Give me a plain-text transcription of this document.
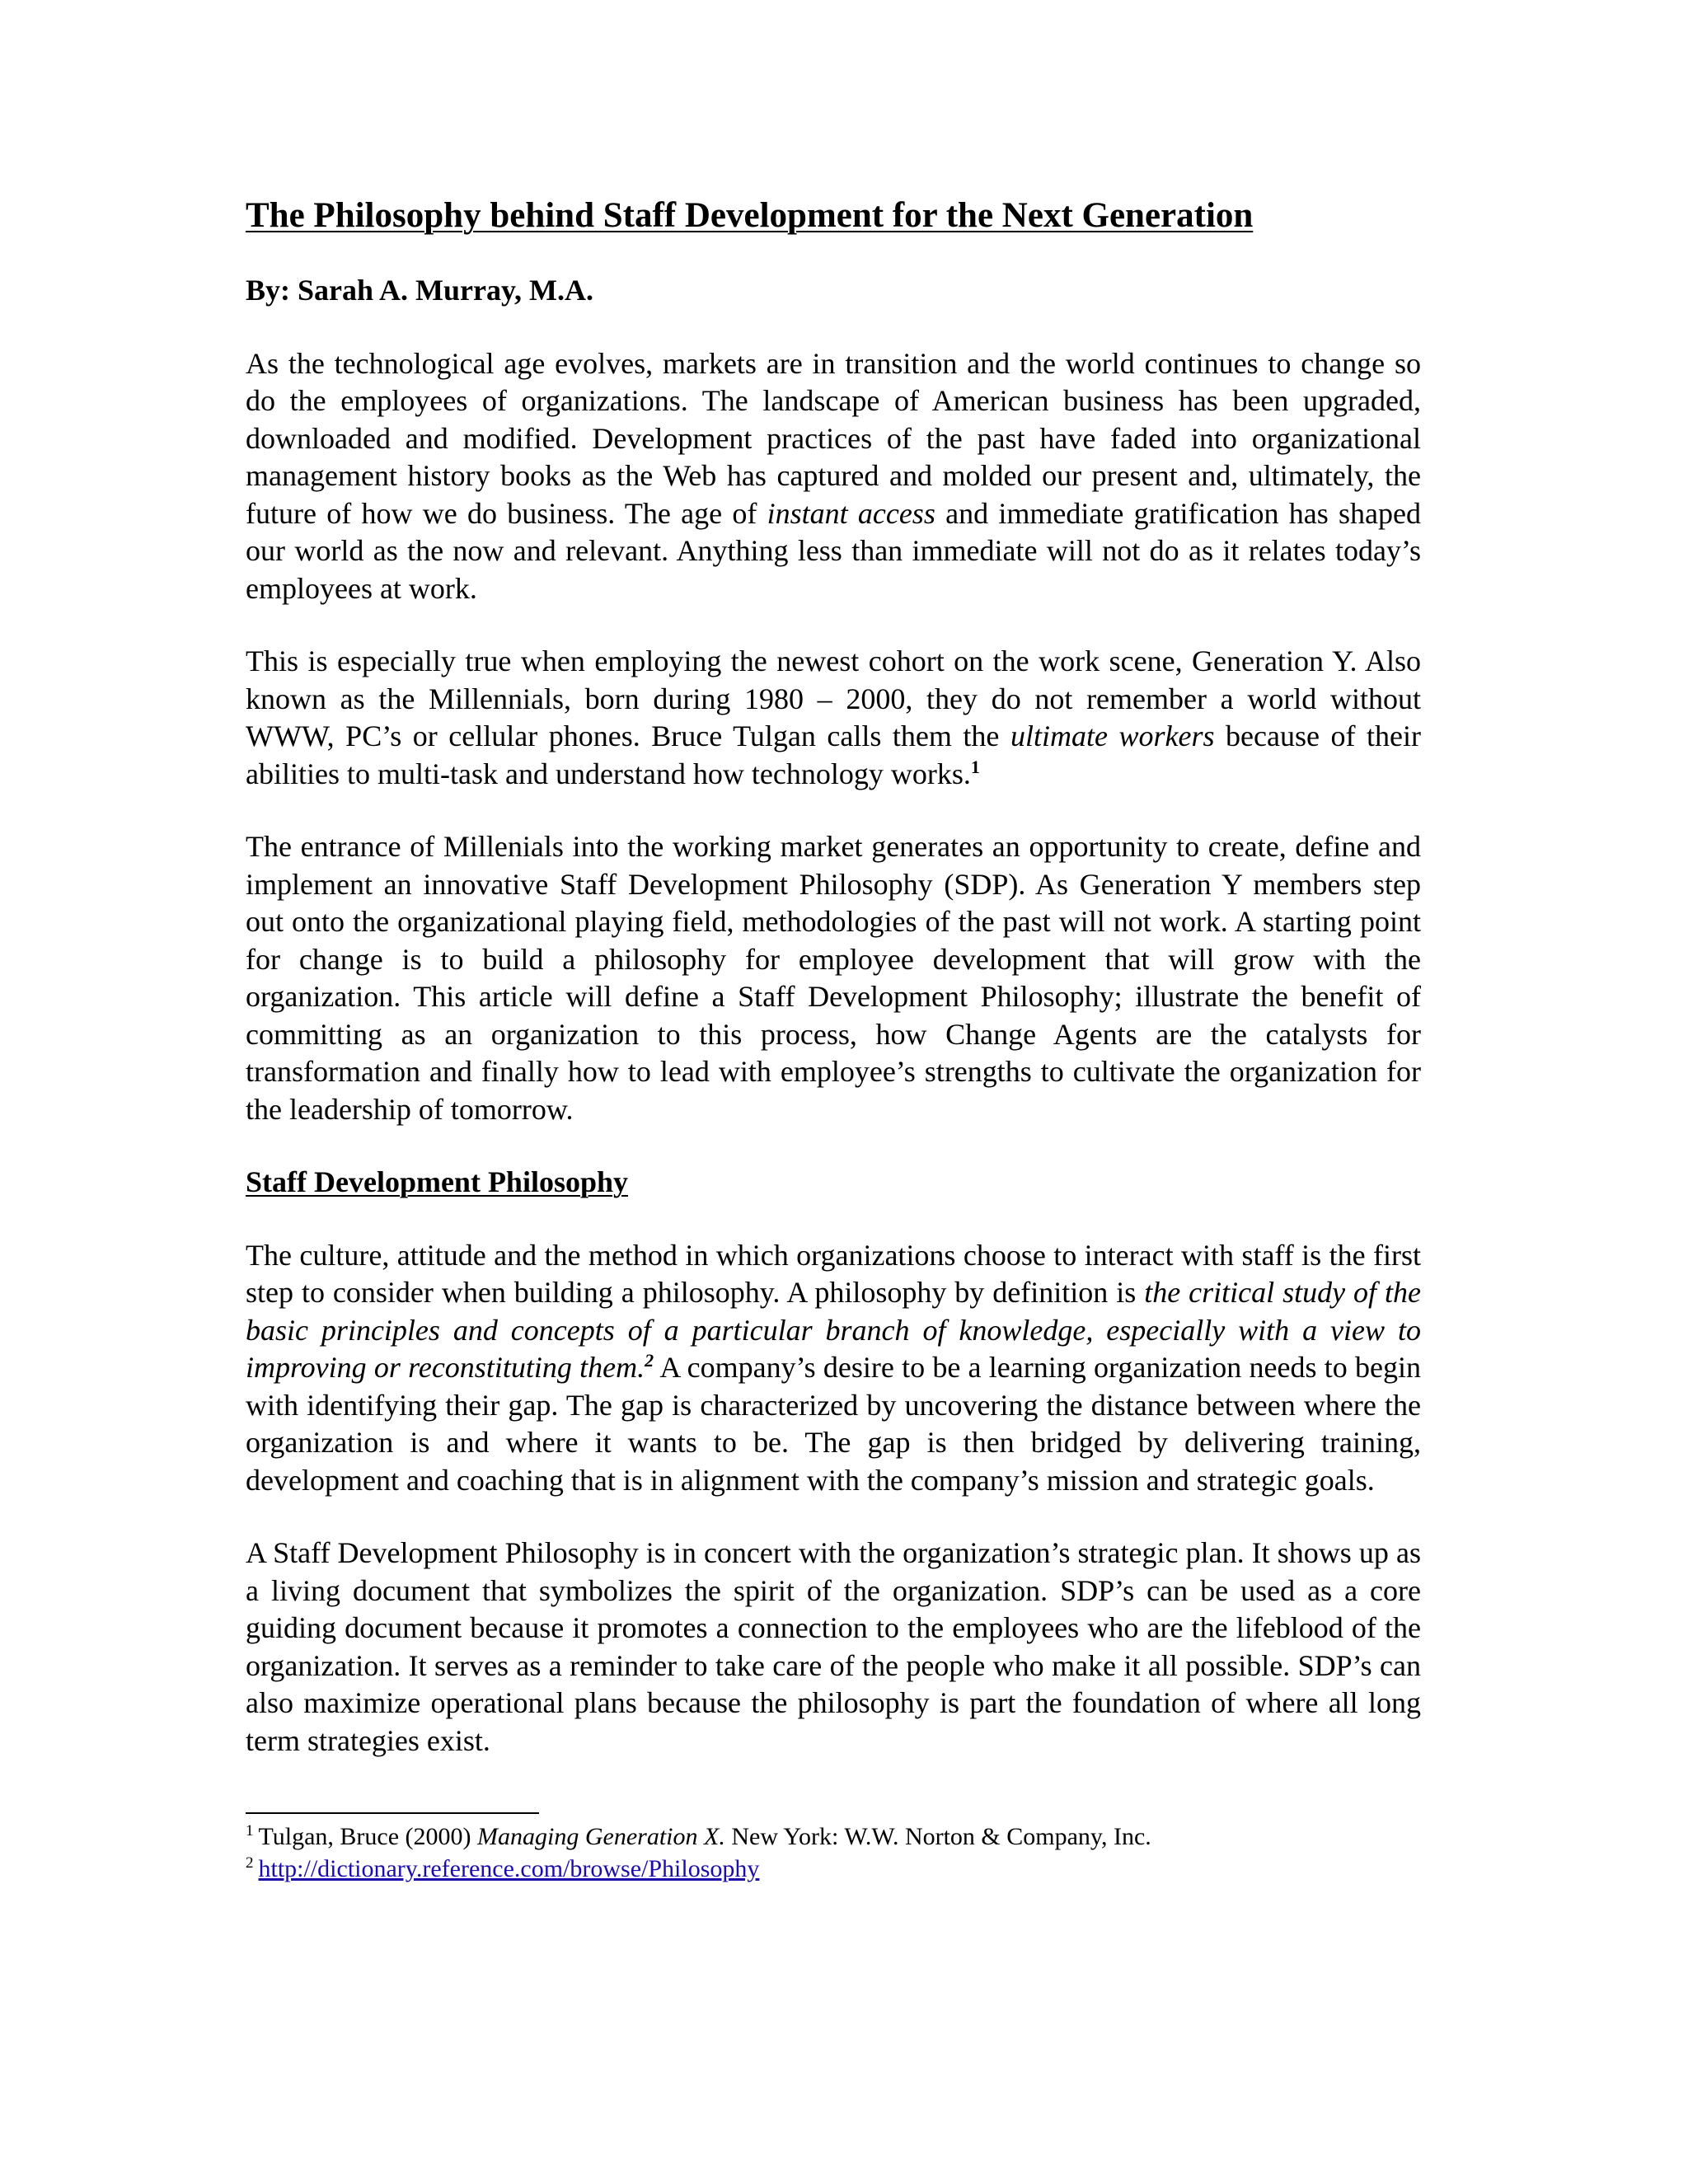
The Philosophy behind Staff Development for the Next Generation

By: Sarah A. Murray, M.A.

As the technological age evolves, markets are in transition and the world continues to change so do the employees of organizations. The landscape of American business has been upgraded, downloaded and modified. Development practices of the past have faded into organizational management history books as the Web has captured and molded our present and, ultimately, the future of how we do business. The age of instant access and immediate gratification has shaped our world as the now and relevant. Anything less than immediate will not do as it relates today’s employees at work.

This is especially true when employing the newest cohort on the work scene, Generation Y. Also known as the Millennials, born during 1980 – 2000, they do not remember a world without WWW, PC’s or cellular phones. Bruce Tulgan calls them the ultimate workers because of their abilities to multi-task and understand how technology works.$^1$

The entrance of Millenials into the working market generates an opportunity to create, define and implement an innovative Staff Development Philosophy (SDP). As Generation Y members step out onto the organizational playing field, methodologies of the past will not work. A starting point for change is to build a philosophy for employee development that will grow with the organization. This article will define a Staff Development Philosophy; illustrate the benefit of committing as an organization to this process, how Change Agents are the catalysts for transformation and finally how to lead with employee’s strengths to cultivate the organization for the leadership of tomorrow.

Staff Development Philosophy

The culture, attitude and the method in which organizations choose to interact with staff is the first step to consider when building a philosophy. A philosophy by definition is the critical study of the basic principles and concepts of a particular branch of knowledge, especially with a view to improving or reconstituting them.$^2$ A company’s desire to be a learning organization needs to begin with identifying their gap. The gap is characterized by uncovering the distance between where the organization is and where it wants to be. The gap is then bridged by delivering training, development and coaching that is in alignment with the company’s mission and strategic goals.

A Staff Development Philosophy is in concert with the organization’s strategic plan. It shows up as a living document that symbolizes the spirit of the organization. SDP’s can be used as a core guiding document because it promotes a connection to the employees who are the lifeblood of the organization. It serves as a reminder to take care of the people who make it all possible. SDP’s can also maximize operational plans because the philosophy is part the foundation of where all long term strategies exist.

$^1$ Tulgan, Bruce (2000) Managing Generation X. New York: W.W. Norton & Company, Inc.

$^2$ http://dictionary.reference.com/browse/Philosophy
